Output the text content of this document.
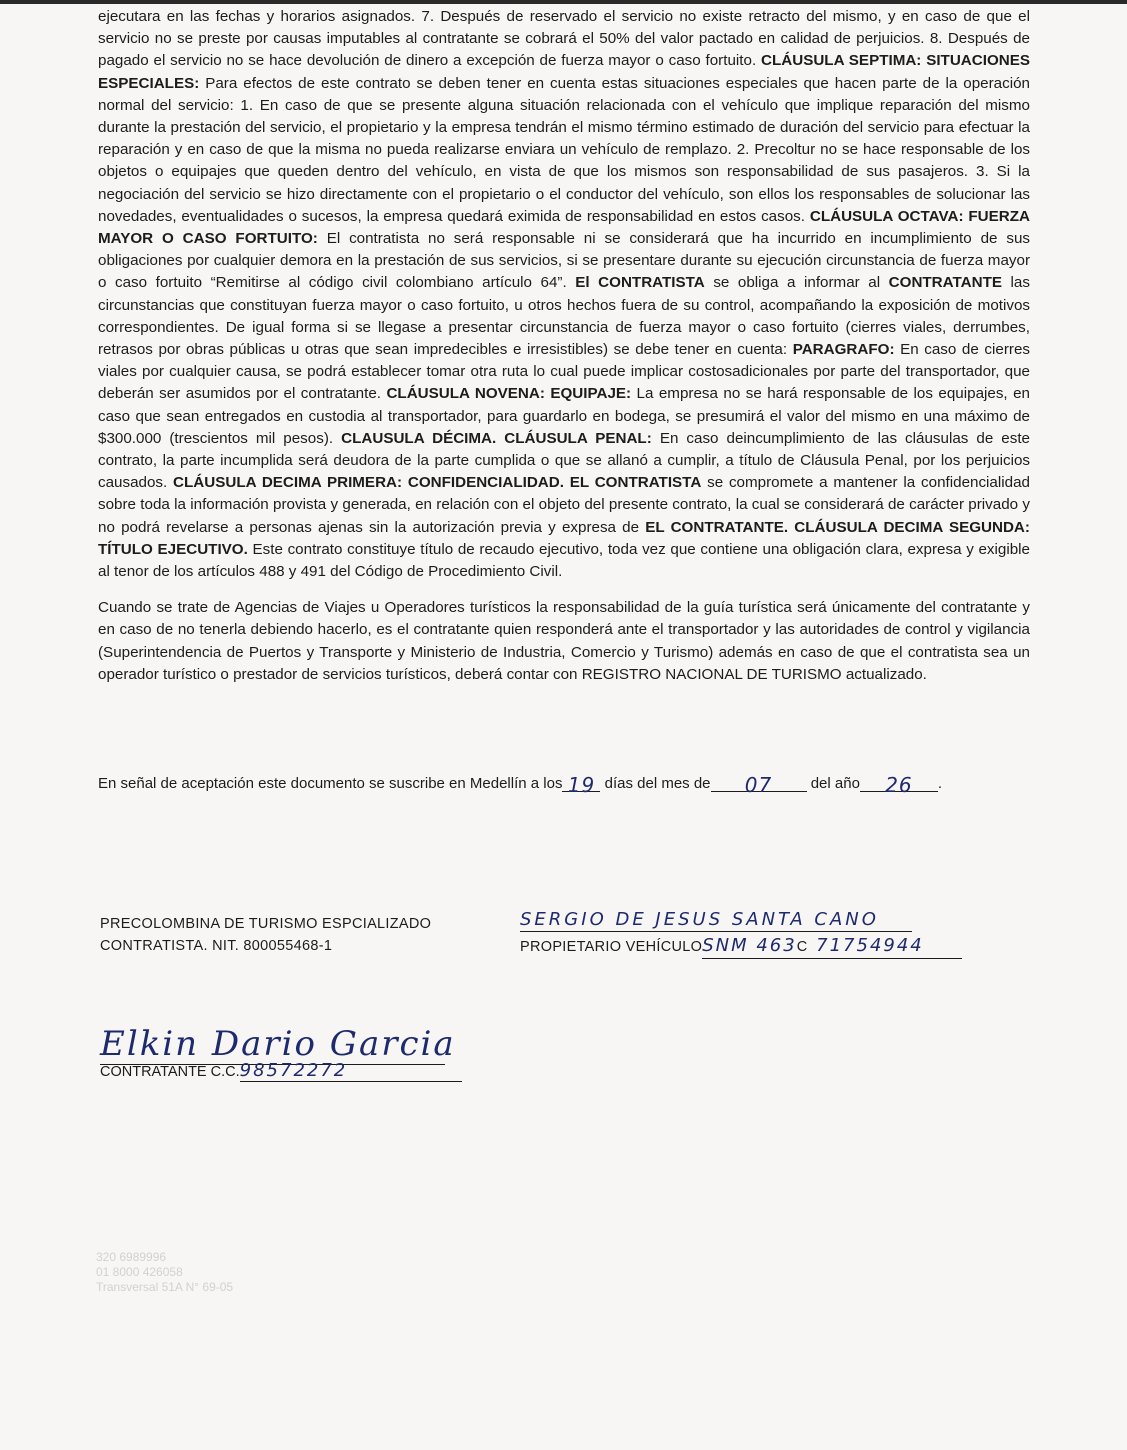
ejecutara en las fechas y horarios asignados. 7. Después de reservado el servicio no existe retracto del mismo, y en caso de que el servicio no se preste por causas imputables al contratante se cobrará el 50% del valor pactado en calidad de perjuicios. 8. Después de pagado el servicio no se hace devolución de dinero a excepción de fuerza mayor o caso fortuito. CLÁUSULA SEPTIMA: SITUACIONES ESPECIALES: Para efectos de este contrato se deben tener en cuenta estas situaciones especiales que hacen parte de la operación normal del servicio: 1. En caso de que se presente alguna situación relacionada con el vehículo que implique reparación del mismo durante la prestación del servicio, el propietario y la empresa tendrán el mismo término estimado de duración del servicio para efectuar la reparación y en caso de que la misma no pueda realizarse enviara un vehículo de remplazo. 2. Precoltur no se hace responsable de los objetos o equipajes que queden dentro del vehículo, en vista de que los mismos son responsabilidad de sus pasajeros. 3. Si la negociación del servicio se hizo directamente con el propietario o el conductor del vehículo, son ellos los responsables de solucionar las novedades, eventualidades o sucesos, la empresa quedará eximida de responsabilidad en estos casos. CLÁUSULA OCTAVA: FUERZA MAYOR O CASO FORTUITO: El contratista no será responsable ni se considerará que ha incurrido en incumplimiento de sus obligaciones por cualquier demora en la prestación de sus servicios, si se presentare durante su ejecución circunstancia de fuerza mayor o caso fortuito “Remitirse al código civil colombiano artículo 64”. El CONTRATISTA se obliga a informar al CONTRATANTE las circunstancias que constituyan fuerza mayor o caso fortuito, u otros hechos fuera de su control, acompañando la exposición de motivos correspondientes. De igual forma si se llegase a presentar circunstancia de fuerza mayor o caso fortuito (cierres viales, derrumbes, retrasos por obras públicas u otras que sean impredecibles e irresistibles) se debe tener en cuenta: PARAGRAFO: En caso de cierres viales por cualquier causa, se podrá establecer tomar otra ruta lo cual puede implicar costosadicionales por parte del transportador, que deberán ser asumidos por el contratante. CLÁUSULA NOVENA: EQUIPAJE: La empresa no se hará responsable de los equipajes, en caso que sean entregados en custodia al transportador, para guardarlo en bodega, se presumirá el valor del mismo en una máximo de $300.000 (trescientos mil pesos). CLAUSULA DÉCIMA. CLÁUSULA PENAL: En caso deincumplimiento de las cláusulas de este contrato, la parte incumplida será deudora de la parte cumplida o que se allanó a cumplir, a título de Cláusula Penal, por los perjuicios causados. CLÁUSULA DECIMA PRIMERA: CONFIDENCIALIDAD. EL CONTRATISTA se compromete a mantener la confidencialidad sobre toda la información provista y generada, en relación con el objeto del presente contrato, la cual se considerará de carácter privado y no podrá revelarse a personas ajenas sin la autorización previa y expresa de EL CONTRATANTE. CLÁUSULA DECIMA SEGUNDA: TÍTULO EJECUTIVO. Este contrato constituye título de recaudo ejecutivo, toda vez que contiene una obligación clara, expresa y exigible al tenor de los artículos 488 y 491 del Código de Procedimiento Civil.

Cuando se trate de Agencias de Viajes u Operadores turísticos la responsabilidad de la guía turística será únicamente del contratante y en caso de no tenerla debiendo hacerlo, es el contratante quien responderá ante el transportador y las autoridades de control y vigilancia (Superintendencia de Puertos y Transporte y Ministerio de Industria, Comercio y Turismo) además en caso de que el contratista sea un operador turístico o prestador de servicios turísticos, deberá contar con REGISTRO NACIONAL DE TURISMO actualizado.

En señal de aceptación este documento se suscribe en Medellín a los 19 días del mes de 07	del año 26 .
PRECOLOMBINA DE TURISMO ESPCIALIZADO
CONTRATISTA. NIT. 800055468-1
SERGIO DE JESUS SANTA CANO
PROPIETARIO VEHÍCULOSNM 463C 71754944
Elkin Dario Garcia
CONTRATANTE C.C.98572272
320 6989996
01 8000 426058
Transversal 51A N° 69-05
